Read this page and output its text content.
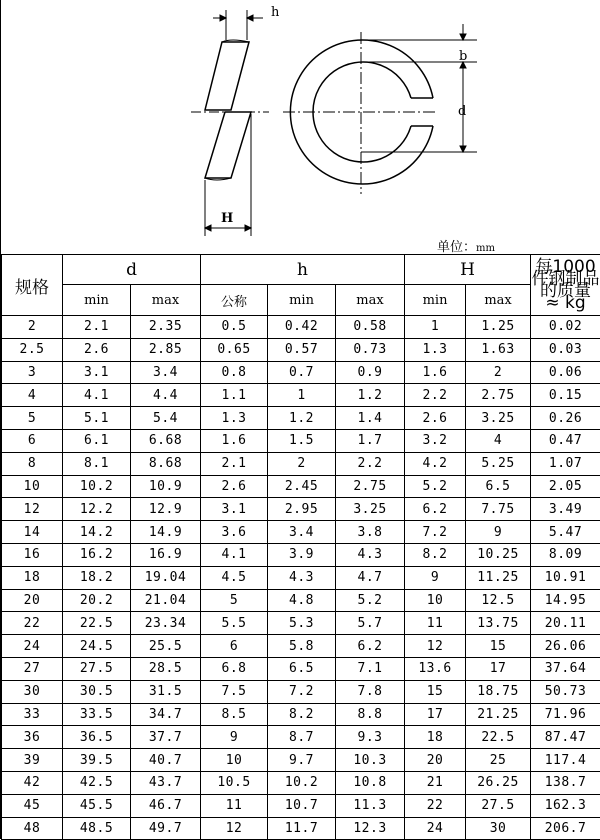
h
H
b
d
单位：mm
规格	d		h			H		每1000件钢制品的质量 ≈ kg
	min	max	公称	min	max	min	max	
2	2.1	2.35	0.5	0.42	0.58	1	1.25	0.02
2.5	2.6	2.85	0.65	0.57	0.73	1.3	1.63	0.03
3	3.1	3.4	0.8	0.7	0.9	1.6	2	0.06
4	4.1	4.4	1.1	1	1.2	2.2	2.75	0.15
5	5.1	5.4	1.3	1.2	1.4	2.6	3.25	0.26
6	6.1	6.68	1.6	1.5	1.7	3.2	4	0.47
8	8.1	8.68	2.1	2	2.2	4.2	5.25	1.07
10	10.2	10.9	2.6	2.45	2.75	5.2	6.5	2.05
12	12.2	12.9	3.1	2.95	3.25	6.2	7.75	3.49
14	14.2	14.9	3.6	3.4	3.8	7.2	9	5.47
16	16.2	16.9	4.1	3.9	4.3	8.2	10.25	8.09
18	18.2	19.04	4.5	4.3	4.7	9	11.25	10.91
20	20.2	21.04	5	4.8	5.2	10	12.5	14.95
22	22.5	23.34	5.5	5.3	5.7	11	13.75	20.11
24	24.5	25.5	6	5.8	6.2	12	15	26.06
27	27.5	28.5	6.8	6.5	7.1	13.6	17	37.64
30	30.5	31.5	7.5	7.2	7.8	15	18.75	50.73
33	33.5	34.7	8.5	8.2	8.8	17	21.25	71.96
36	36.5	37.7	9	8.7	9.3	18	22.5	87.47
39	39.5	40.7	10	9.7	10.3	20	25	117.4
42	42.5	43.7	10.5	10.2	10.8	21	26.25	138.7
45	45.5	46.7	11	10.7	11.3	22	27.5	162.3
48	48.5	49.7	12	11.7	12.3	24	30	206.7
